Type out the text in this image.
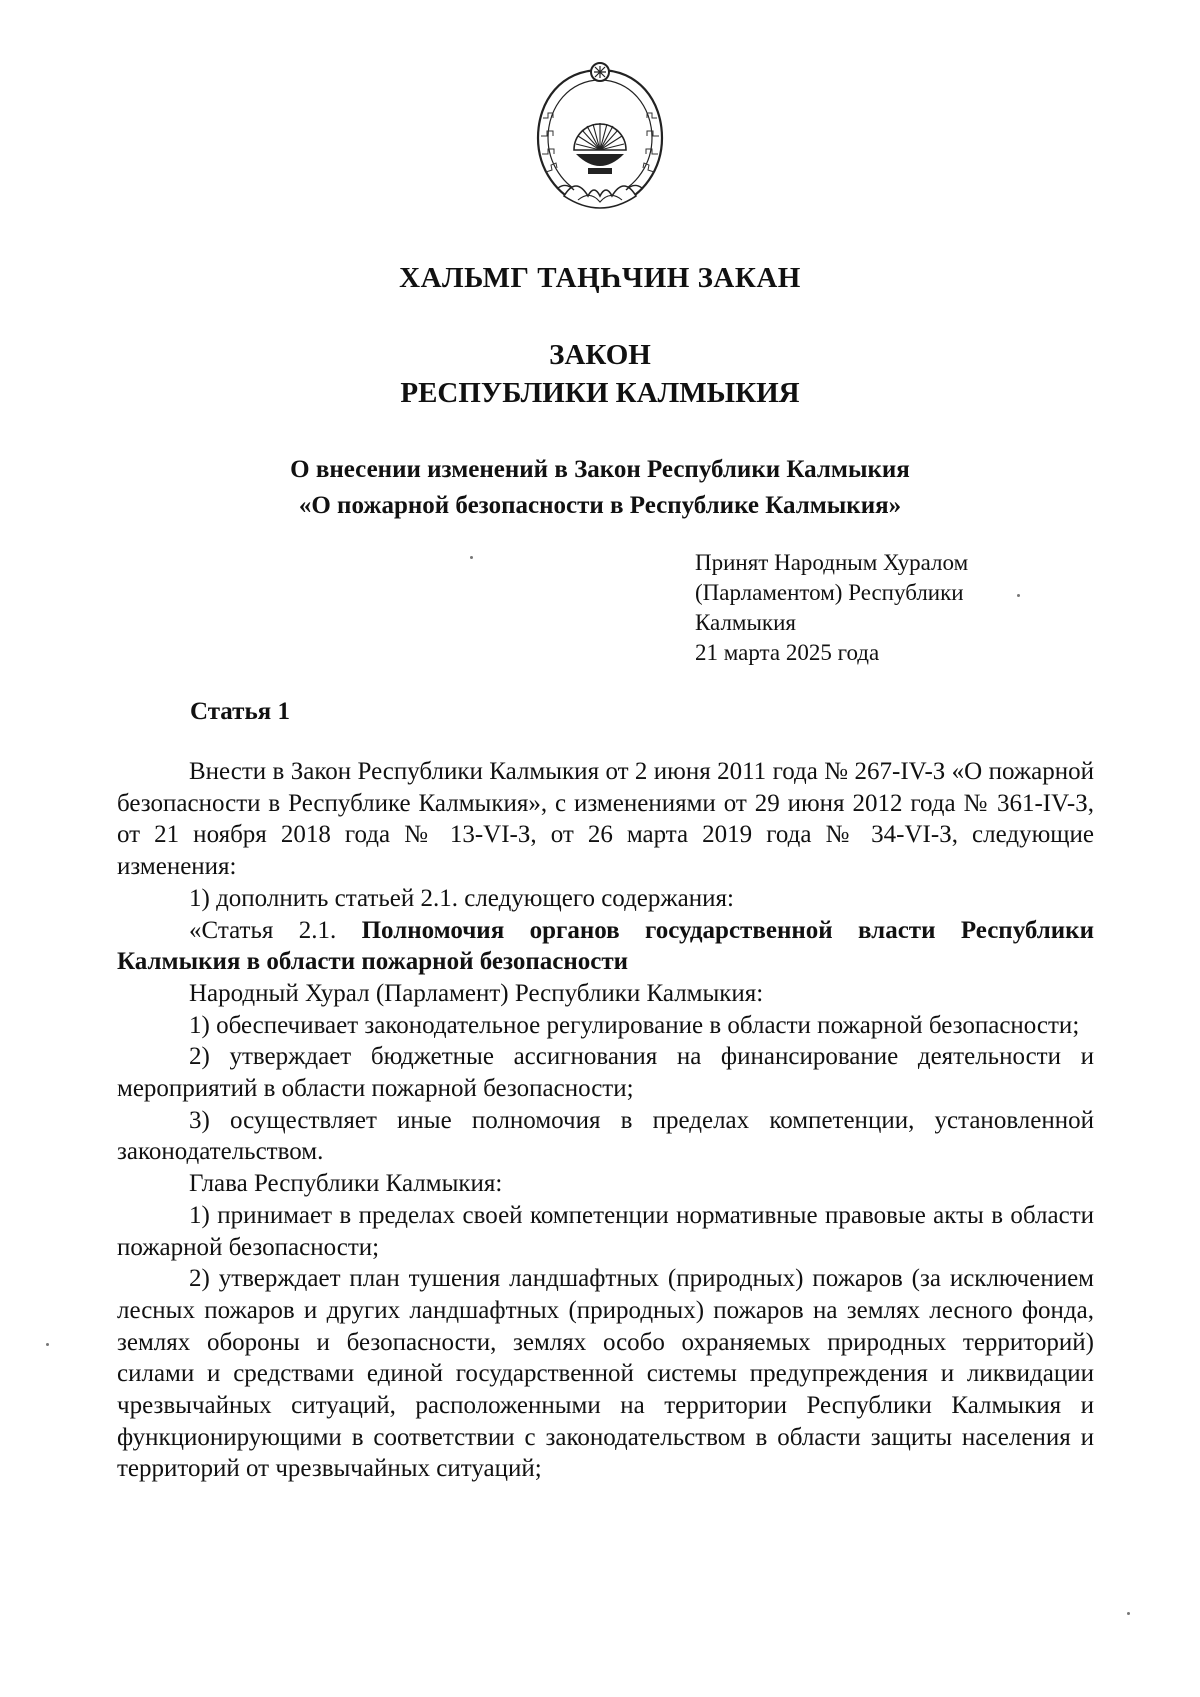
ХАЛЬМГ ТАҢҺЧИН ЗАКАН
ЗАКОН
РЕСПУБЛИКИ КАЛМЫКИЯ
О внесении изменений в Закон Республики Калмыкия
«О пожарной безопасности в Республике Калмыкия»
Принят Народным Хуралом
(Парламентом) Республики
Калмыкия
21 марта 2025 года
Статья 1

Внести в Закон Республики Калмыкия от 2 июня 2011 года № 267-IV-З «О пожарной безопасности в Республике Калмыкия», с изменениями от 29 июня 2012 года № 361-IV-З, от 21 ноября 2018 года № 13-VI-З, от 26 марта 2019 года № 34-VI-З, следующие изменения:

1) дополнить статьей 2.1. следующего содержания:

«Статья 2.1. Полномочия органов государственной власти Республики Калмыкия в области пожарной безопасности

Народный Хурал (Парламент) Республики Калмыкия:

1) обеспечивает законодательное регулирование в области пожарной безопасности;

2) утверждает бюджетные ассигнования на финансирование деятельности и мероприятий в области пожарной безопасности;

3) осуществляет иные полномочия в пределах компетенции, установленной законодательством.

Глава Республики Калмыкия:

1) принимает в пределах своей компетенции нормативные правовые акты в области пожарной безопасности;

2) утверждает план тушения ландшафтных (природных) пожаров (за исключением лесных пожаров и других ландшафтных (природных) пожаров на землях лесного фонда, землях обороны и безопасности, землях особо охраняемых природных территорий) силами и средствами единой государственной системы предупреждения и ликвидации чрезвычайных ситуаций, расположенными на территории Республики Калмыкия и функционирующими в соответствии с законодательством в области защиты населения и территорий от чрезвычайных ситуаций;
